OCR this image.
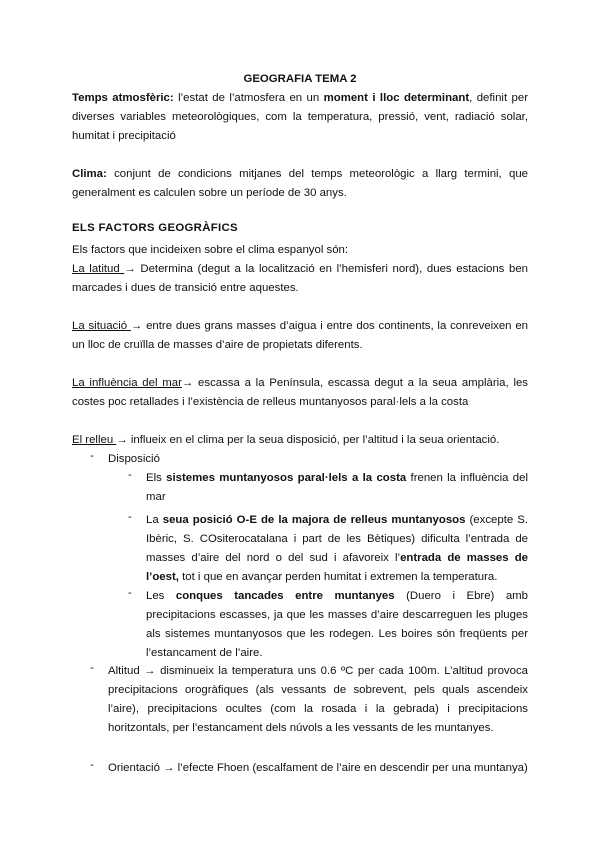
GEOGRAFIA TEMA 2

Temps atmosfèric: l’estat de l’atmosfera en un moment i lloc determinant, definit per diverses variables meteorològiques, com la temperatura, pressió, vent, radiació solar, humitat i precipitació

Clima: conjunt de condicions mitjanes del temps meteorològic a llarg termini, que generalment es calculen sobre un període de 30 anys.

ELS FACTORS GEOGRÀFICS

Els factors que incideixen sobre el clima espanyol són:

La latitud → Determina (degut a la localització en l’hemisferi nord), dues estacions ben marcades i dues de transició entre aquestes.

La situació → entre dues grans masses d’aigua i entre dos continents, la conreveixen en un lloc de cruïlla de masses d’aire de propietats diferents.

La influència del mar→ escassa a la Península, escassa degut a la seua amplària, les costes poc retallades i l’existència de relleus muntanyosos paral·lels a la costa

El relleu → influeix en el clima per la seua disposició, per l’altitud i la seua orientació.

-	Disposició

-	Els sistemes muntanyosos paral·lels a la costa frenen la influència del mar

-	La seua posició O-E de la majora de relleus muntanyosos (excepte S. Ibèric, S. COsiterocatalana i part de les Bètiques) dificulta l’entrada de masses d’aire del nord o del sud i afavoreix l’entrada de masses de l’oest, tot i que en avançar perden humitat i extremen la temperatura.

-	Les conques tancades entre muntanyes (Duero i Ebre) amb precipitacions escasses, ja que les masses d’aire descarreguen les pluges als sistemes muntanyosos que les rodegen. Les boires són freqüents per l’estancament de l’aire.

-	Altitud → disminueix la temperatura uns 0.6 ºC per cada 100m. L’altitud provoca precipitacions orogràfiques (als vessants de sobrevent, pels quals ascendeix l’aire), precipitacions ocultes (com la rosada i la gebrada) i precipitacions horitzontals, per l’estancament dels núvols a les vessants de les muntanyes.

-	Orientació → l’efecte Fhoen (escalfament de l’aire en descendir per una muntanya)
